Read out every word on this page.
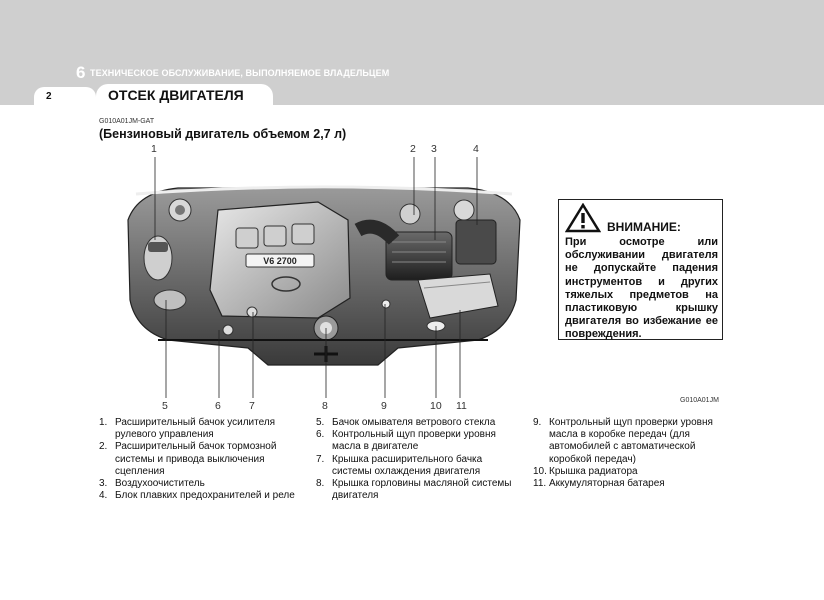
6 ТЕХНИЧЕСКОЕ ОБСЛУЖИВАНИЕ, ВЫПОЛНЯЕМОЕ ВЛАДЕЛЬЦЕМ
2	ОТСЕК ДВИГАТЕЛЯ
G010A01JM-GAT
(Бензиновый двигатель объемом 2,7 л)
1	2 3	4
5	6	7	8	9	10 11
V6 2700
ВНИМАНИЕ:
При осмотре или обслуживании двигателя не допускайте падения инструментов и других тяжелых предметов на пластиковую крышку двигателя во избежание ее повреждения.
G010A01JM
1. Расширительный бачок усилителя рулевого управления
2. Расширительный бачок тормозной системы и привода выключения сцепления
3. Воздухоочиститель
4. Блок плавких предохранителей и реле
5. Бачок омывателя ветрового стекла
6. Контрольный щуп проверки уровня масла в двигателе
7. Крышка расширительного бачка системы охлаждения двигателя
8. Крышка горловины масляной системы двигателя
9. Контрольный щуп проверки уровня масла в коробке передач (для автомобилей с автоматической коробкой передач)
10. Крышка радиатора
11. Аккумуляторная батарея
